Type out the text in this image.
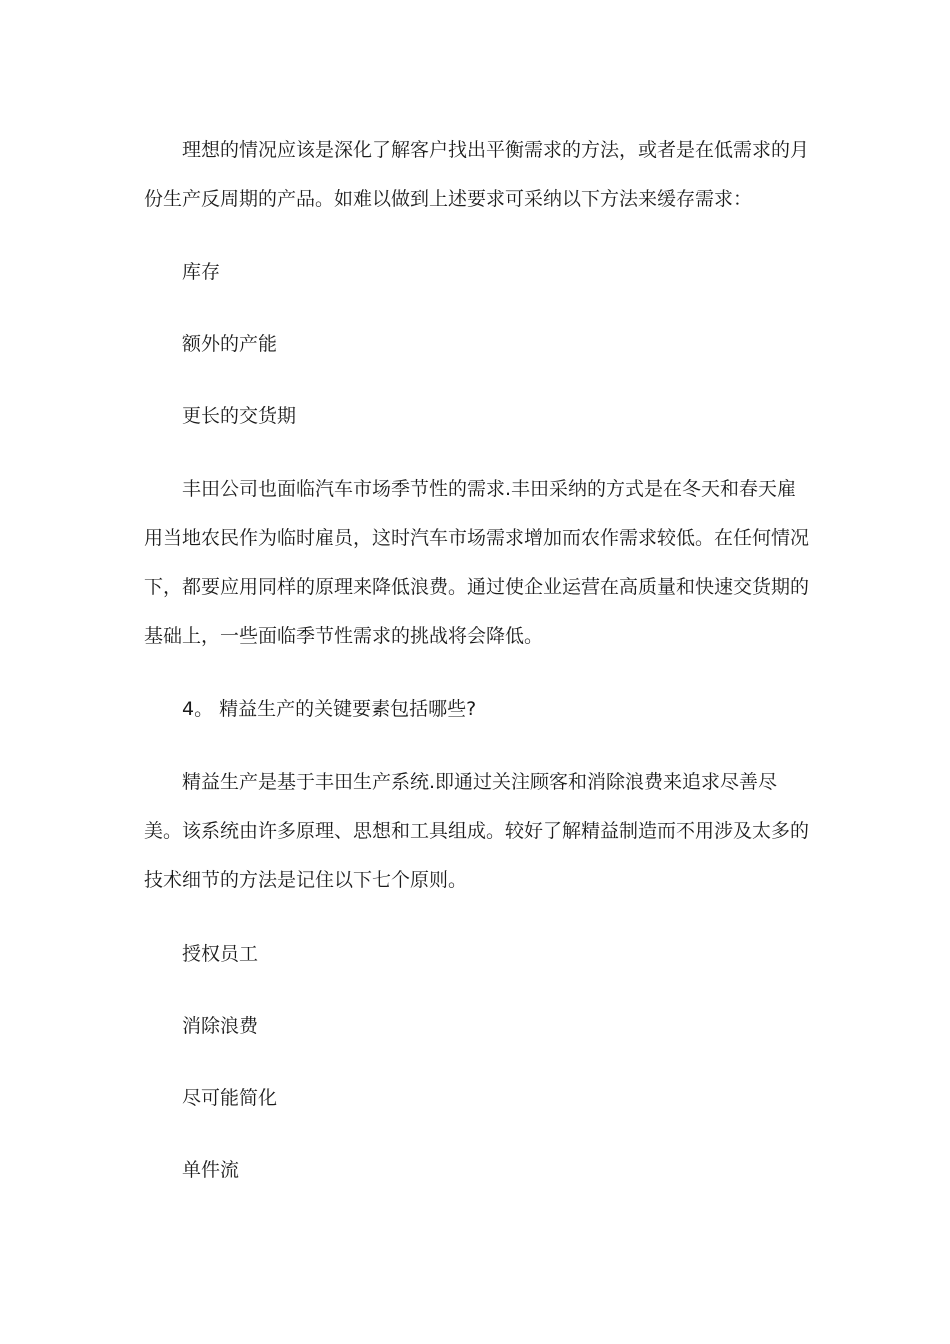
理想的情况应该是深化了解客户找出平衡需求的方法，或者是在低需求的月份生产反周期的产品。如难以做到上述要求可采纳以下方法来缓存需求：

库存

额外的产能

更长的交货期

丰田公司也面临汽车市场季节性的需求.丰田采纳的方式是在冬天和春天雇用当地农民作为临时雇员，这时汽车市场需求增加而农作需求较低。在任何情况下，都要应用同样的原理来降低浪费。通过使企业运营在高质量和快速交货期的基础上，一些面临季节性需求的挑战将会降低。

4。 精益生产的关键要素包括哪些?

精益生产是基于丰田生产系统.即通过关注顾客和消除浪费来追求尽善尽美。该系统由许多原理、思想和工具组成。较好了解精益制造而不用涉及太多的技术细节的方法是记住以下七个原则。

授权员工

消除浪费

尽可能简化

单件流
